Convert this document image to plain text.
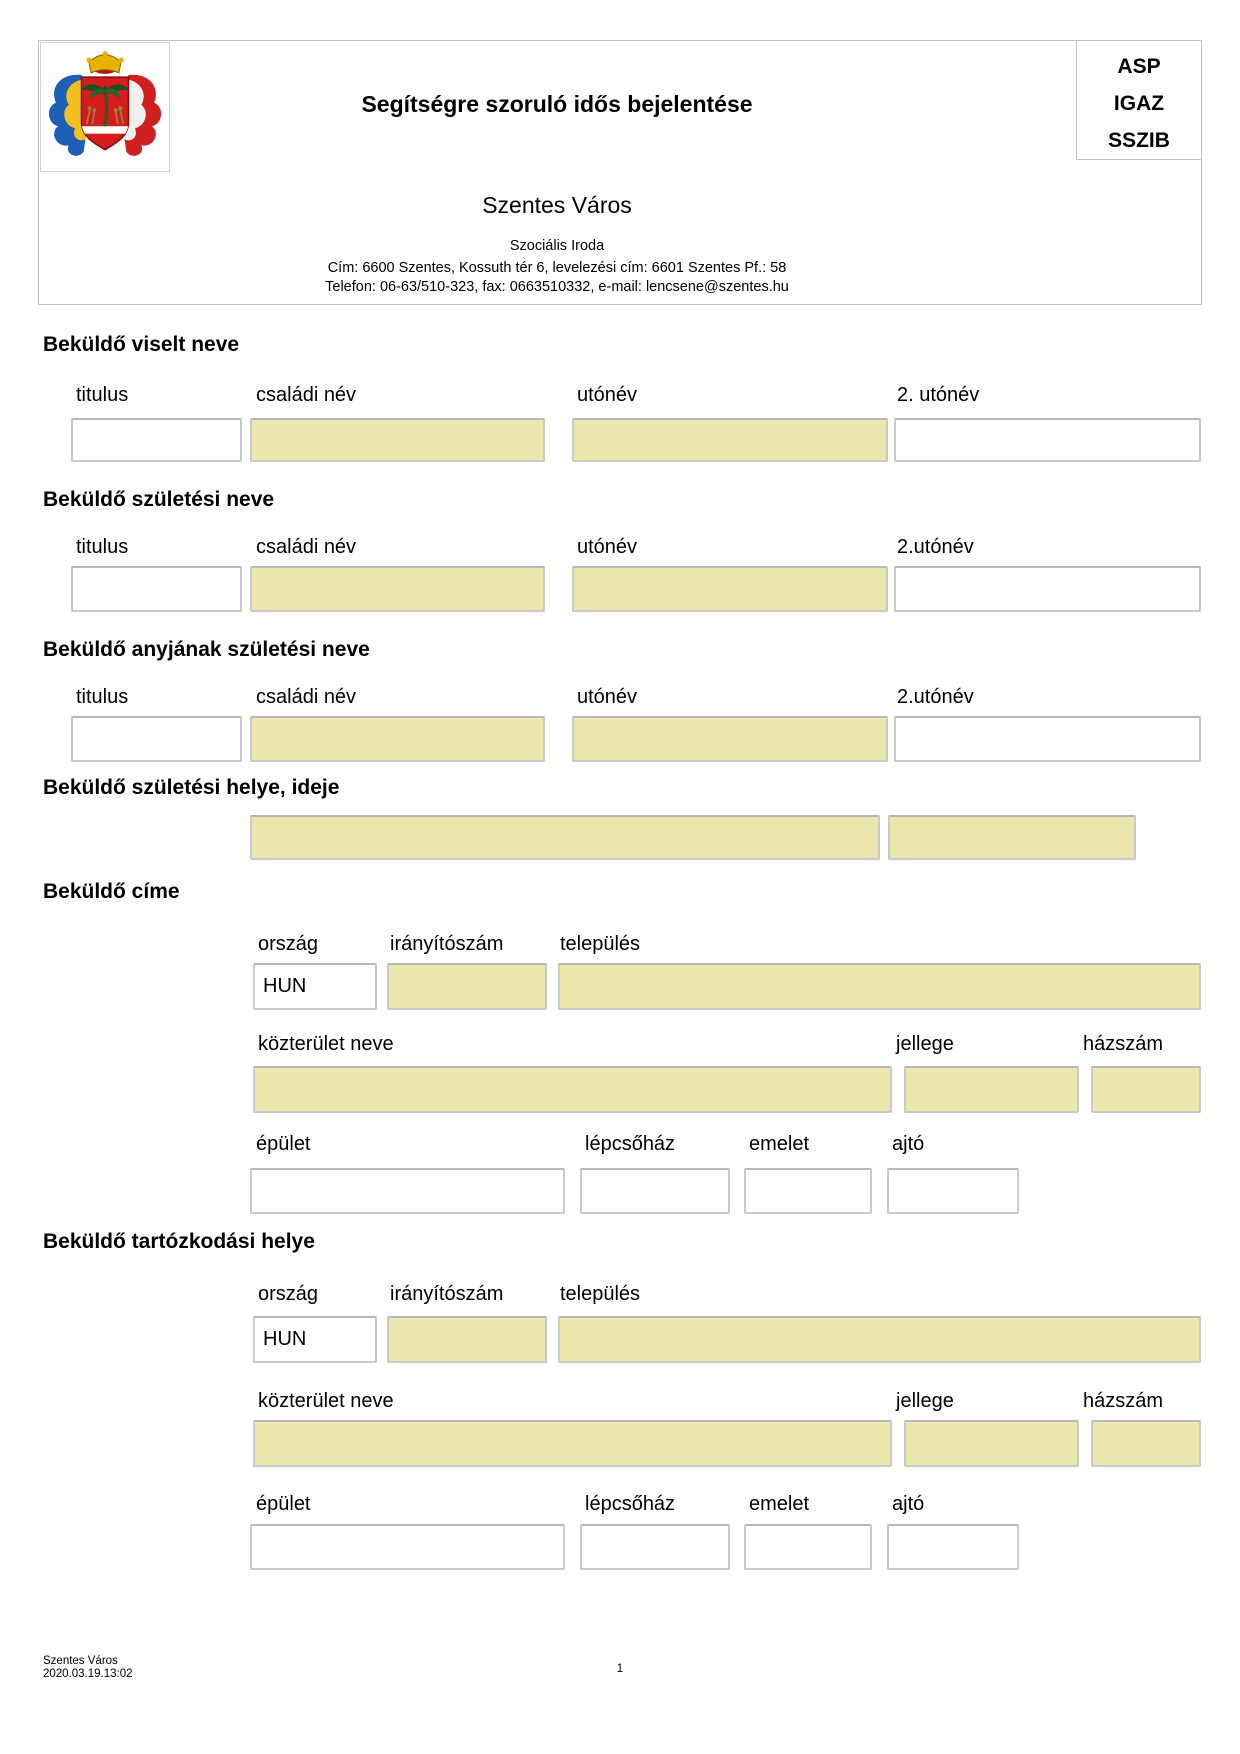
ASP
IGAZ
SSZIB
Segítségre szoruló idős bejelentése
Szentes Város
Szociális Iroda
Cím: 6600 Szentes, Kossuth tér 6, levelezési cím: 6601 Szentes Pf.: 58
Telefon: 06-63/510-323, fax: 0663510332, e-mail: lencsene@szentes.hu
Beküldő viselt neve
titulus	családi név	utónév	2. utónév
Beküldő születési neve
titulus	családi név	utónév	2.utónév
Beküldő anyjának születési neve
titulus	családi név	utónév	2.utónév
Beküldő születési helye, ideje
Beküldő címe
ország	irányítószám	település
HUN
közterület neve	jellege	házszám
épület	lépcsőház	emelet	ajtó
Beküldő tartózkodási helye
ország	irányítószám	település
HUN
közterület neve	jellege	házszám
épület	lépcsőház	emelet	ajtó
Szentes Város
2020.03.19.13:02	1
